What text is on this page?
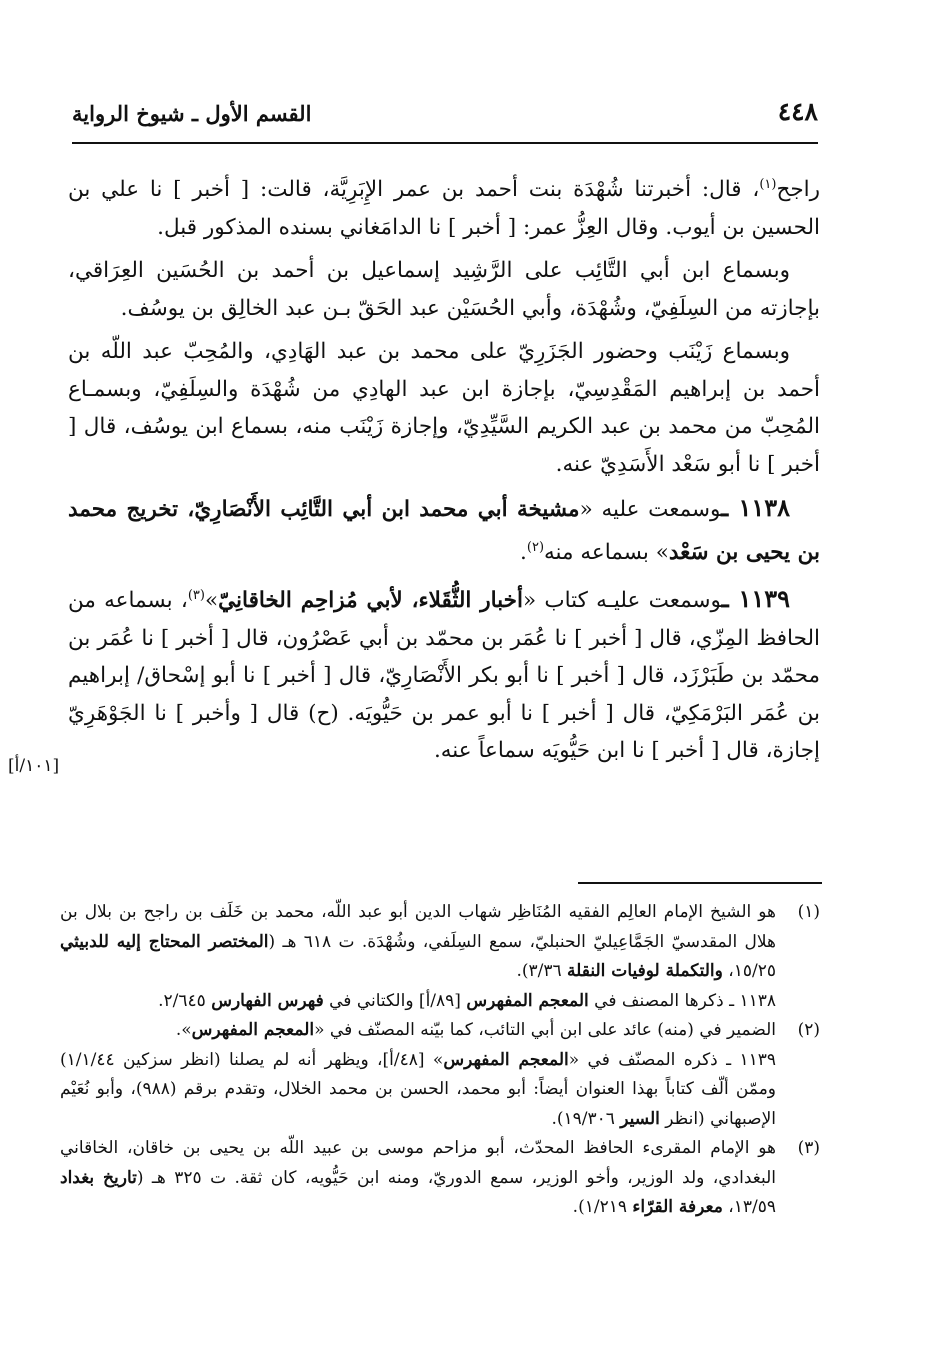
٤٤٨
القسم الأول ـ شيوخ الرواية
[١٠١/أ]

راجح$^{(١)}$، قال: أخبرتنا شُهْدَة بنت أحمد بن عمر الإِبَرِيَّة، قالت: [ أخبر ] نا علي بن الحسين بن أيوب. وقال العِزُّ عمر: [ أخبر ] نا الدامَغاني بسنده المذكور قبل.

وبسماع ابن أبي التَّائِب على الرَّشِيد إسماعيل بن أحمد بن الحُسَين العِرَاقي، بإجازته من السِلَفِيّ، وشُهْدَة، وأبي الحُسَيْن عبد الحَقّ بـن عبد الخالِق بن يوسُف.

وبسماع زَيْنَب وحضور الجَزَرِيّ على محمد بن عبد الهَادِي، والمُحِبّ عبد اللّه بن أحمد بن إبراهيم المَقْدِسِيّ، بإجازة ابن عبد الهادِي من شُهْدَة والسِلَفِيّ، وبسمـاع المُحِبّ من محمد بن عبد الكريم السَّيِّدِيّ، وإجازة زَيْنَب منه، بسماع ابن يوسُف، قال [ أخبر ] نا أبو سَعْد الأَسَدِيّ عنه.

١١٣٨ ـوسمعت عليه «مشيخة أبي محمد ابن أبي التَّائِب الأَنْصَارِيّ، تخريج محمد بن يحيى بن سَعْد» بسماعه منه$^{(٢)}$.

١١٣٩ ـوسمعت عليـه كتاب «أخبار الثُّقَلاء، لأبي مُزاحِم الخاقانِيّ»$^{(٣)}$، بسماعه من الحافظ المِزّي، قال [ أخبر ] نا عُمَر بن محمّد بن أبي عَصْرُون، قال [ أخبر ] نا عُمَر بن محمّد بن طَبَرْزَد، قال [ أخبر ] نا أبو بكر الأَنْصَارِيّ، قال [ أخبر ] نا أبو إسْحاق/ إبراهيم بن عُمَر البَرْمَكِيّ، قال [ أخبر ] نا أبو عمر بن حَيُّويَه. (ح) قال [ وأخبر ] نا الجَوْهَرِيّ إجازة، قال [ أخبر ] نا ابن حَيُّويَه سماعاً عنه.

(١)
هو الشيخ الإمام العالِم الفقيه المُنَاظِر شهاب الدين أبو عبد اللّه، محمد بن خَلَف بن راجح بن بلال بن هلال المقدسيّ الجَمَّاعِيليّ الحنبليّ، سمع السِلَفي، وشُهْدَة. ت ٦١٨ هـ (المختصر المحتاج إليه للدبيثي ١٥/٢٥، والتكملة لوفيات النقلة ٣/٣٦).
١١٣٨ ـ ذكرها المصنف في المعجم المفهرس [٨٩/أ] والكتاني في فهرس الفهارس ٢/٦٤٥.
(٢)
الضمير في (منه) عائد على ابن أبي التائب، كما بيّنه المصنّف في «المعجم المفهرس».
١١٣٩ ـ ذكره المصنّف في «المعجم المفهرس» [٤٨/أ]، ويظهر أنه لم يصلنا (انظر سزكين ١/١/٤٤) وممّن ألّف كتاباً بهذا العنوان أيضاً: أبو محمد، الحسن بن محمد الخلال، وتقدم برقم (٩٨٨)، وأبو نُعَيْم الإصبهاني (انظر السير ١٩/٣٠٦).
(٣)
هو الإمام المقرىء الحافظ المحدّث، أبو مزاحم موسى بن عبيد اللّه بن يحيى بن خاقان، الخاقاني البغدادي، ولد الوزير، وأخو الوزير، سمع الدوريّ، ومنه ابن حَيُّويه، كان ثقة. ت ٣٢٥ هـ (تاريخ بغداد ١٣/٥٩، معرفة القرّاء ١/٢١٩).
